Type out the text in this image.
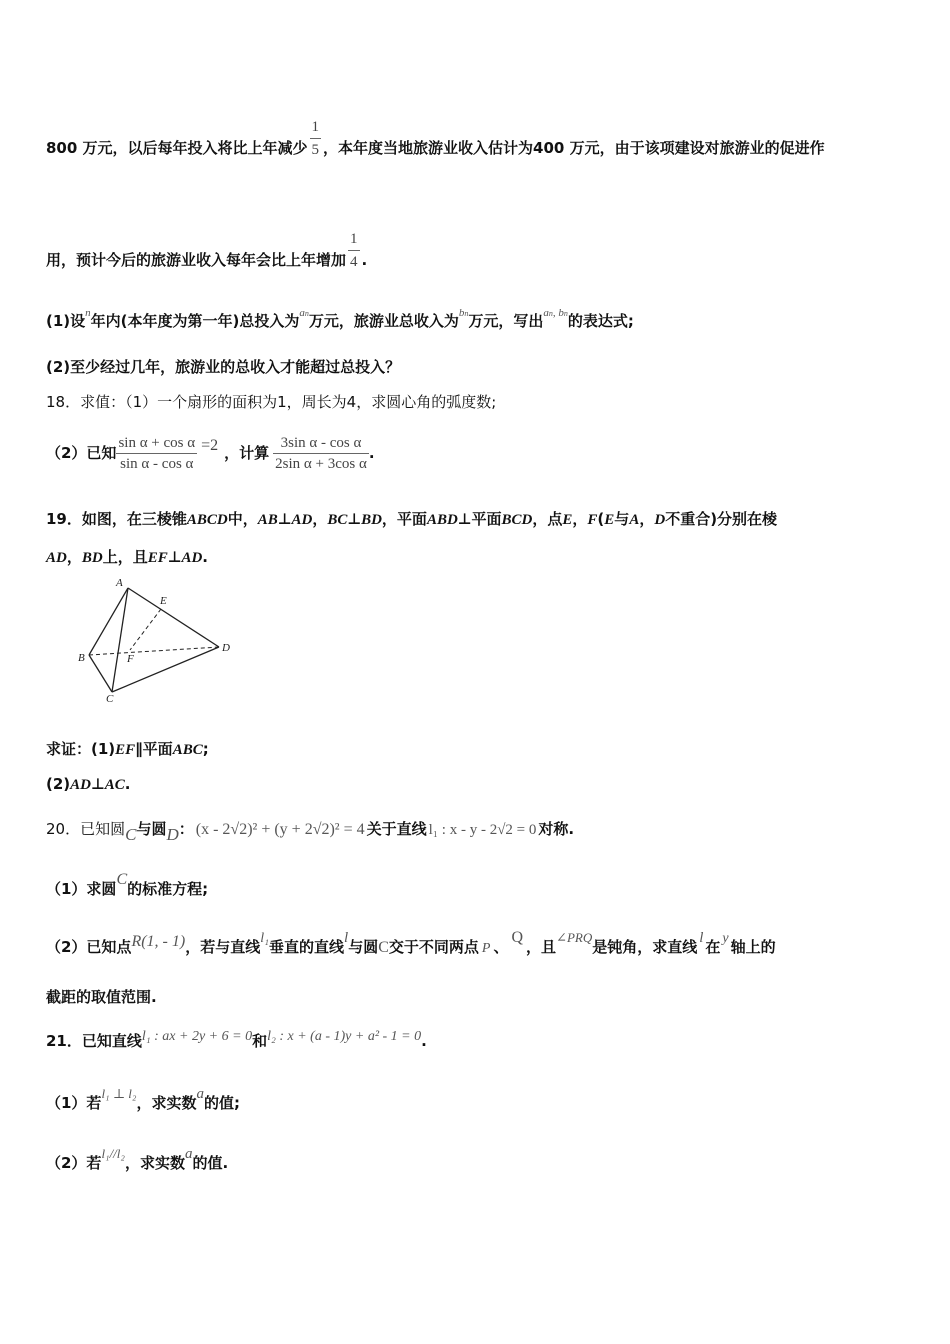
800 万元，以后每年投入将比上年减少 $\frac{1}{5}$ ，本年度当地旅游业收入估计为400 万元，由于该项建设对旅游业的促进作
用，预计今后的旅游业收入每年会比上年增加 $\frac{1}{4}$ .
(1)设$^n$年内(本年度为第一年)总投入为$^{an}$万元，旅游业总收入为$^{bn}$万元，写出$^{an, bn}$的表达式;
(2)至少经过几年，旅游业的总收入才能超过总投入？
18．求值：（1）一个扇形的面积为1，周长为4，求圆心角的弧度数;
（2）已知 $\frac{\text{sin α + cos α}}{\text{sin α - cos α}} =2$ ，计算 $\frac{\text{3sin α - cos α}}{\text{2sin α + 3cos α}}$ .
19．如图，在三棱锥ABCD中，AB⊥AD，BC⊥BD，平面ABD⊥平面BCD，点E，F(E与A，D不重合)分别在棱
AD，BD上，且EF⊥AD.
A
E
B	F
D
C
求证：(1)EF∥平面ABC;
(2)AD⊥AC.
20．已知圆C与圆D： (x - 2√2)² + (y + 2√2)² = 4 关于直线 l₁ : x - y - 2√2 = 0 对称.
（1）求圆C的标准方程;
（2）已知点R(1, - 1)，若与直线l₁垂直的直线l与圆C交于不同两点 P 、Q，且∠PRQ是钝角，求直线 l 在 y 轴上的
截距的取值范围.
21．已知直线l₁ : ax + 2y + 6 = 0和l₂ : x + (a - 1)y + a² - 1 = 0.
（1）若l₁ ⊥ l₂，求实数a的值;
（2）若l₁//l₂，求实数a的值.
